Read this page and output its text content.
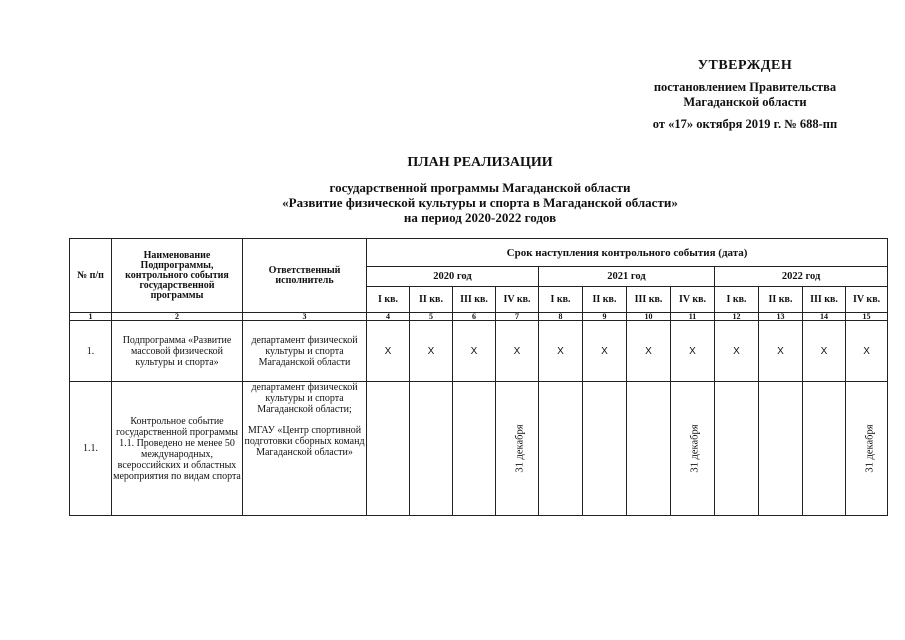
УТВЕРЖДЕН
постановлением Правительства
Магаданской области
от «17» октября 2019 г. № 688-пп
ПЛАН РЕАЛИЗАЦИИ
государственной программы Магаданской области
«Развитие физической культуры и спорта в Магаданской области»
на период 2020-2022 годов
№ п/п	Наименование Подпрограммы, контрольного события государственной программы	Ответственный исполнитель	Срок наступления контрольного события (дата)											
			2020 год				2021 год				2022 год			
			I кв.	II кв.	III кв.	IV кв.	I кв.	II кв.	III кв.	IV кв.	I кв.	II кв.	III кв.	IV кв.
1	2	3	4	5	6	7	8	9	10	11	12	13	14	15
1.	Подпрограмма «Развитие массовой физической культуры и спорта»	департамент физической культуры и спорта Магаданской области	Х	Х	Х	Х	Х	Х	Х	Х	Х	Х	Х	Х
1.1.	Контрольное событие государственной программы 1.1. Проведено не менее 50 международных, всероссийских и областных мероприятия по видам спорта	департамент физической культуры и спорта Магаданской области;
МГАУ «Центр спортивной подготовки сборных команд Магаданской области»				31 декабря				31 декабря				31 декабря
